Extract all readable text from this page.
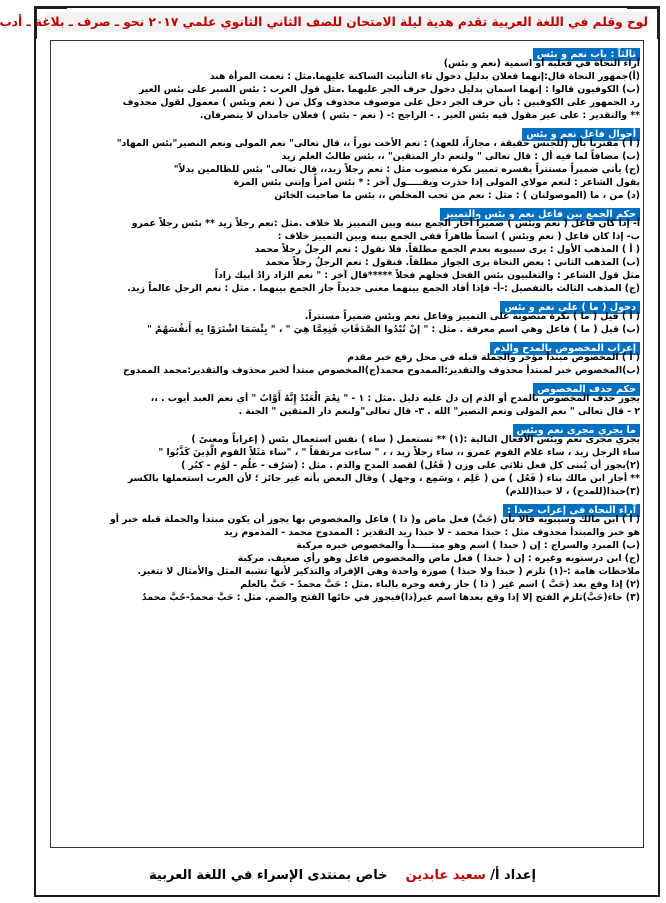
لوح وقلم في اللغة العربية تقدم هدية ليلة الامتحان للصف الثاني الثانوي علمي ٢٠١٧ نحو ـ صرف ـ بلاغة ـ أدب
ثالثاً : باب نعم و بئس
آراء النحاة في فعلية أو اسمية (نعم و بئس)
(أ)جمهور النحاة قال:إنهما فعلان بدليل دخول تاء التأنيث الساكنة عليهما.مثل : نعمت المرأة هند
(ب) الكوفيون قالوا : إنهما اسمان بدليل دخول حرف الجر عليهما .مثل قول العرب : بئس السير على بئس العير
رد الجمهور على الكوفيين : بأن حرف الجر دخل على موصوف محذوف وكل من ( نعم وبئس ) معمول لقول محذوف
** والتقدير : على عير مقول فيه بئس العير . - الراجح :- ( نعم - بئس ) فعلان جامدان لا يتصرفان.
أحوال فاعل نعم و بئس
( أ ) مقترناً بأل (للجنس حقيقة ، مجازاً، للعهد) : نعم الأخت نوراً ،، قال تعالى" نعم المولى ونعم النصير"بئس المهاد"
(ب) مضافاً لما فيه أل : قال تعالى " ولنعم دار المتقين" ،، بئس طالبُ العلم زيد
(ج) يأتي ضميراً مستتراً يفسره تمييز نكرة منصوب مثل : نعم رجلاً زيد،، قال تعالى" بئس للظالمين بدلاً"
يقول الشاعر : لنعم مولاي المولى إذا حذرت ويقـــــول آخر : * بئس امرأً وإنني بئس المرة
(د) من ، ما (الموصولتان ) : مثل : نعم من تحب المخلص ،، بئس ما صاحبت الخائن
حكم الجمع بين فاعل نعم و بئس والتمييز
أ- إذا كان فاعل ( نعم وبئس ) ضميراً أجاز الجمع بينه وبين التمييز بلا خلاف .مثل :نعم رجلاً زيد ** بئس رجلاً عمرو
ب- إذا كان فاعل ( نعم وبئس ) اسماً ظاهراً ففي الجمع بينه وبين التمييز خلاف :
( أ ) المذهب الأول : يرى سيبويه بعدم الجمع مطلقاً. فلا نقول : نعم الرجلُ رجلاً محمد
(ب) المذهب الثاني : بعض النحاة يرى الجواز مطلقاً. فنقول : نعم الرجلُ رجلاً محمد
مثل قول الشاعر : والتغلبيون بئس الفحل فحلهم فحلاً *****قال آخر : " نعم الزاد زادُ أبيك زاداً
(ج) المذهب الثالث بالتفصيل :-أ- فإذا أفاد الجمع بينهما معنى جديداً جاز الجمع بينهما . مثل : نعم الرجل عالماً زيد.
دخول ( ما ) على نعم و بئس
( أ ) قيل ( ما ) نكرة منصوبة على التمييز وفاعل نعم وبئس ضميراً مستتراً.
(ب) قيل ( ما ) فاعل وهي اسم معرفة . مثل : " إنْ تُبْدُوا الصَّدَقَاتِ فَنِعِمَّا هِيَ " ، " بِئْسَمَا اشْتَرَوْا بِهِ أَنفُسَهُمْ "
إعراب المخصوص بالمدح والذم
( أ ) المخصوص مبتدأ مؤخر والجملة قبله في محل رفع خبر مقدم
(ب)المخصوص خبر لمبتدأ محذوف والتقدير:الممدوح محمد(ج)المخصوص مبتدأ لخبر محذوف والتقدير:محمد الممدوح
حكم حذف المخصوص
يجوز حذف المخصوص بالمدح أو الذم إن دل عليه دليل .مثل : ١ - " نِعْمَ الْعَبْدُ إِنَّهُ أَوَّابٌ " أي نعم العبد أيوب . ،،
٢ - قال تعالى " نعم المولى ونعم النصير" الله . ٣- قال تعالى"ولنعم دار المتقين " الجنة .
ما يجري مجرى نعم وبئس
يجري مجرى نعم وبئس الأفعال التالية :(١) ** تستعمل ( ساء ) نفس استعمال بئس ( إعراباً ومعنىً )
ساء الرجل زيد ، ساء غلام القوم عمرو ،، ساء رجلاً زيد ، ، " ساءت مرتفقاً " ، "ساء مَثَلاً القوم الَّذِينَ كَذَّبُوا "
(٢)يجوز أن يُبنى كل فعل ثلاثي على وزن ( فَعُل) لقصد المدح والذم . مثل : (شرُف - علُم - لؤم - كبُر )
** أجاز ابن مالك بناء ( فَعُل ) من ( عَلِم ، وسَمِع ، وجهل ) وقال البعض بأنه غير جائز ؛ لأن العرب استعملها بالكسر
(٣)حبذا(للمدح) ، لا حبذا(للذم)
آراء النحاة في إعراب حبذا :
( أ ) ابن مالك وسيبويه قالا بأن (حَبَّ) فعل ماض و( ذا ) فاعل والمخصوص بها يجوز أن يكون مبتدأ والجملة قبله خبر أو
هو خبر والمبتدأ محذوف مثل : حبذا محمد - لا حبذا زيد التقدير : الممدوح محمد - المذموم زيد
(ب) المبرد والسراج : إن ( حبذا ) اسم وهو مبتـــــدأ والمخصوص خبره مركبة
(ج) ابن درستويه وغيره : إن ( حبذا ) فعل ماض والمخصوص فاعل وهو رأي ضعيف. مركبة
ملاحظات هامة :-(١) تلزم ( حبذا ولا حبذا ) صورة واحدة وهي الإفراد والتذكير لأنها تشبه المثل والأمثال لا تتغير.
(٢) إذا وقع بعد (حَبَّ ) اسم غير ( ذا ) جاز رفعه وجره بالباء .مثل : حَبَّ محمدٌ - حَبَّ بالعلم
(٣) حاء(حَبَّ)تلزم الفتح إلا إذا وقع بعدها اسم غير(ذا)فيجوز في حائها الفتح والضم. مثل : حَبَّ محمدٌ-حُبَّ محمدٌ
إعداد أ/ سعيد عابدين    خاص بمنتدى الإسراء في اللغة العربية
